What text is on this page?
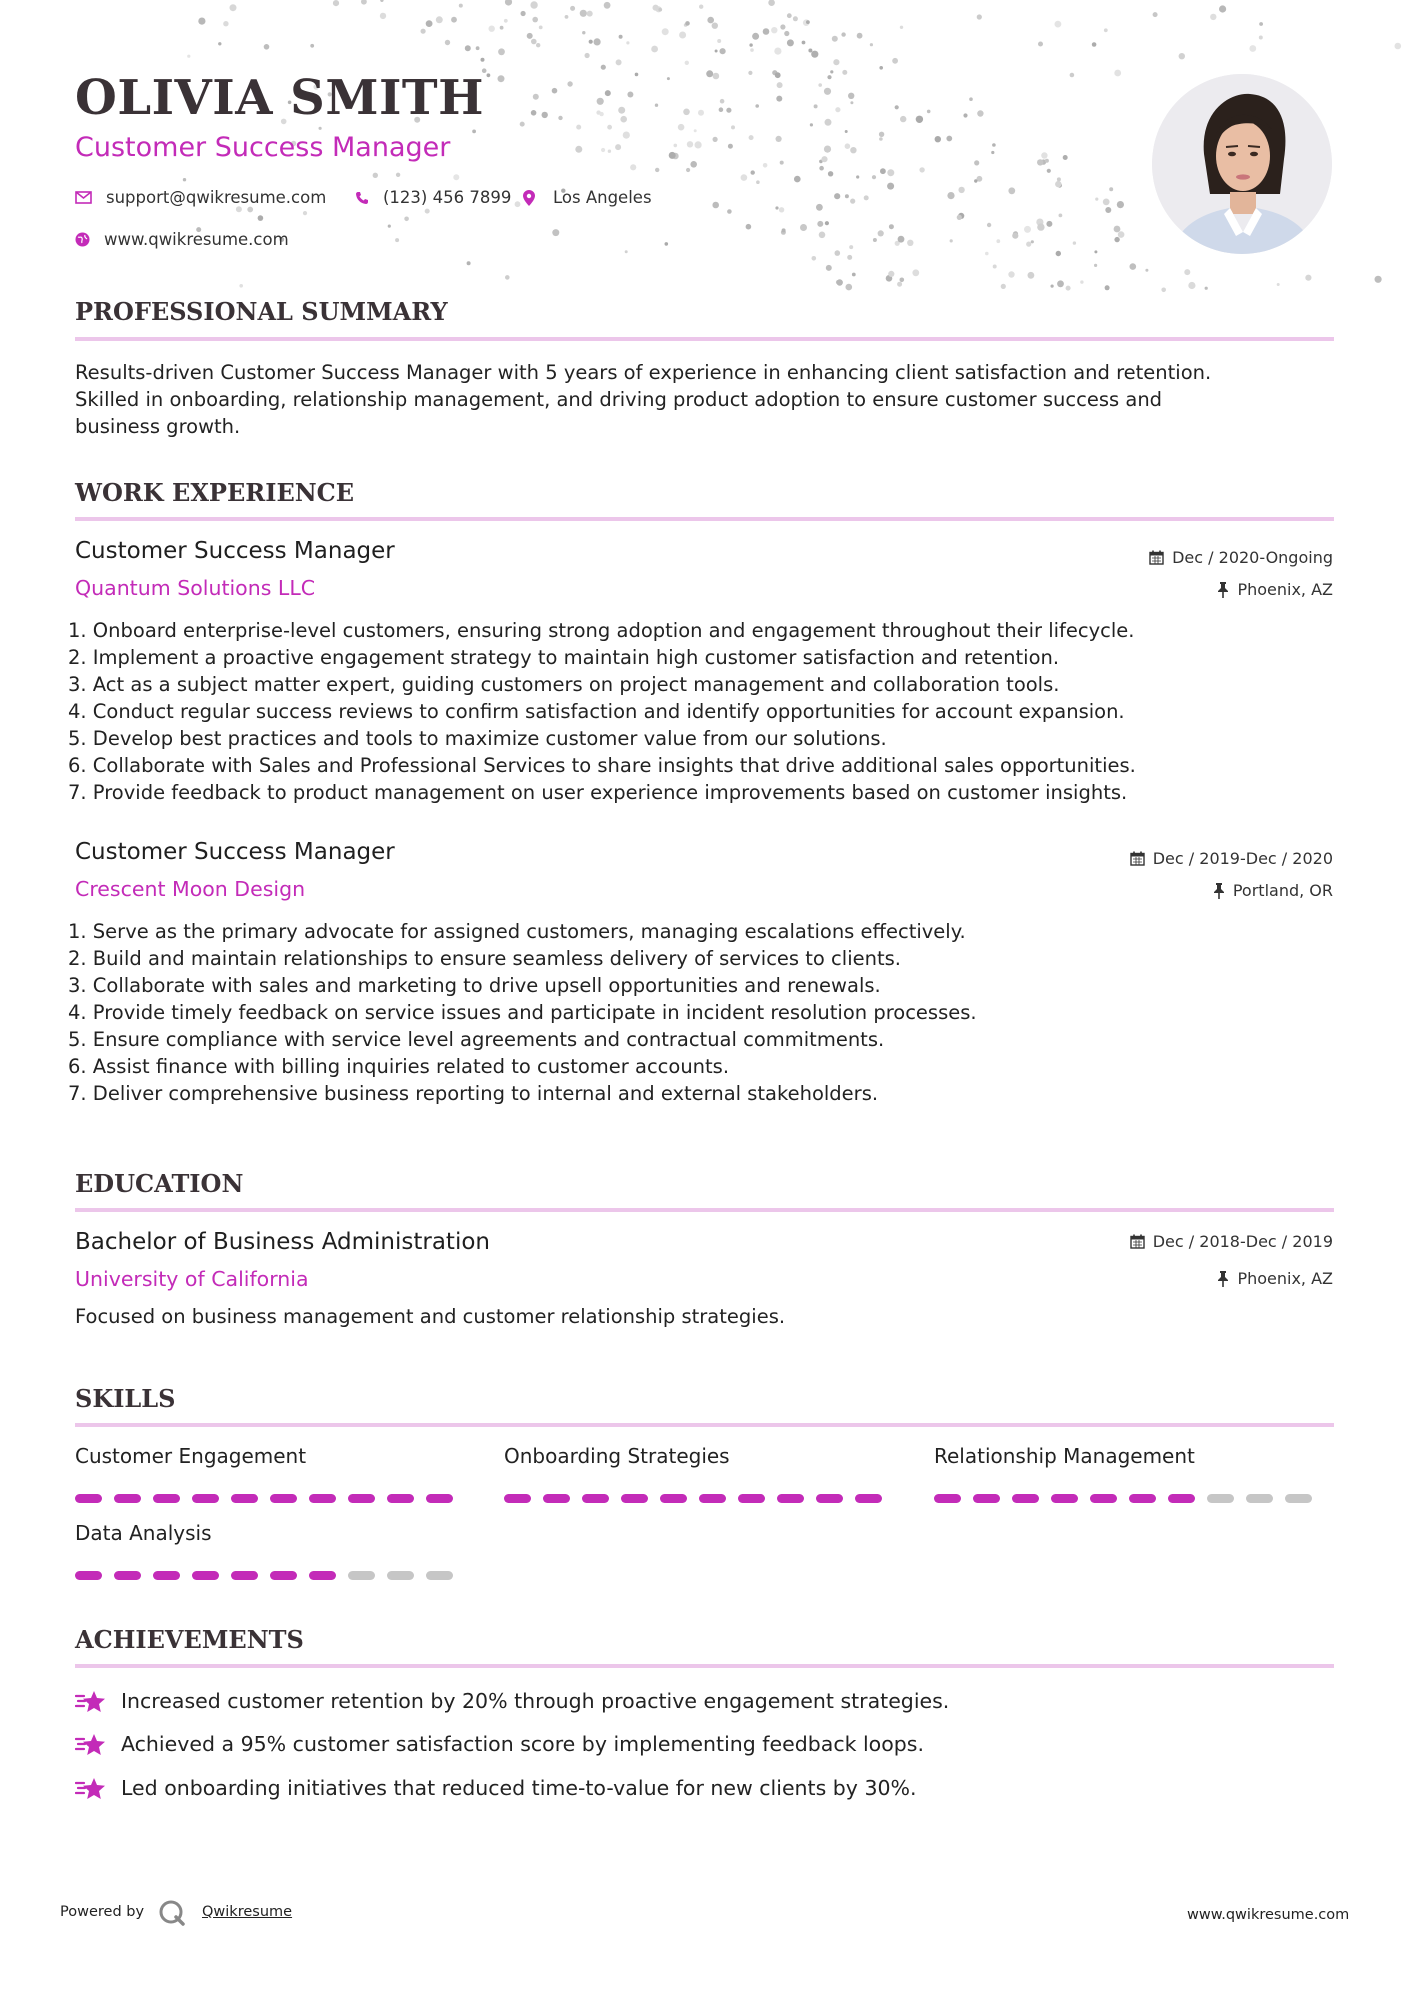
OLIVIA SMITH
Customer Success Manager
support@qwikresume.com	(123) 456 7899	Los Angeles
www.qwikresume.com
PROFESSIONAL SUMMARY
Results-driven Customer Success Manager with 5 years of experience in enhancing client satisfaction and retention.
Skilled in onboarding, relationship management, and driving product adoption to ensure customer success and
business growth.
WORK EXPERIENCE
Customer Success Manager	Dec / 2020-Ongoing
Quantum Solutions LLC	Phoenix, AZ
1. Onboard enterprise-level customers, ensuring strong adoption and engagement throughout their lifecycle.
2. Implement a proactive engagement strategy to maintain high customer satisfaction and retention.
3. Act as a subject matter expert, guiding customers on project management and collaboration tools.
4. Conduct regular success reviews to confirm satisfaction and identify opportunities for account expansion.
5. Develop best practices and tools to maximize customer value from our solutions.
6. Collaborate with Sales and Professional Services to share insights that drive additional sales opportunities.
7. Provide feedback to product management on user experience improvements based on customer insights.
Customer Success Manager	Dec / 2019-Dec / 2020
Crescent Moon Design	Portland, OR
1. Serve as the primary advocate for assigned customers, managing escalations effectively.
2. Build and maintain relationships to ensure seamless delivery of services to clients.
3. Collaborate with sales and marketing to drive upsell opportunities and renewals.
4. Provide timely feedback on service issues and participate in incident resolution processes.
5. Ensure compliance with service level agreements and contractual commitments.
6. Assist finance with billing inquiries related to customer accounts.
7. Deliver comprehensive business reporting to internal and external stakeholders.
EDUCATION
Bachelor of Business Administration	Dec / 2018-Dec / 2019
University of California	Phoenix, AZ
Focused on business management and customer relationship strategies.
SKILLS
Customer Engagement	Onboarding Strategies	Relationship Management
Data Analysis
ACHIEVEMENTS
Increased customer retention by 20% through proactive engagement strategies.
Achieved a 95% customer satisfaction score by implementing feedback loops.
Led onboarding initiatives that reduced time-to-value for new clients by 30%.
Powered by	Qwikresume	www.qwikresume.com
